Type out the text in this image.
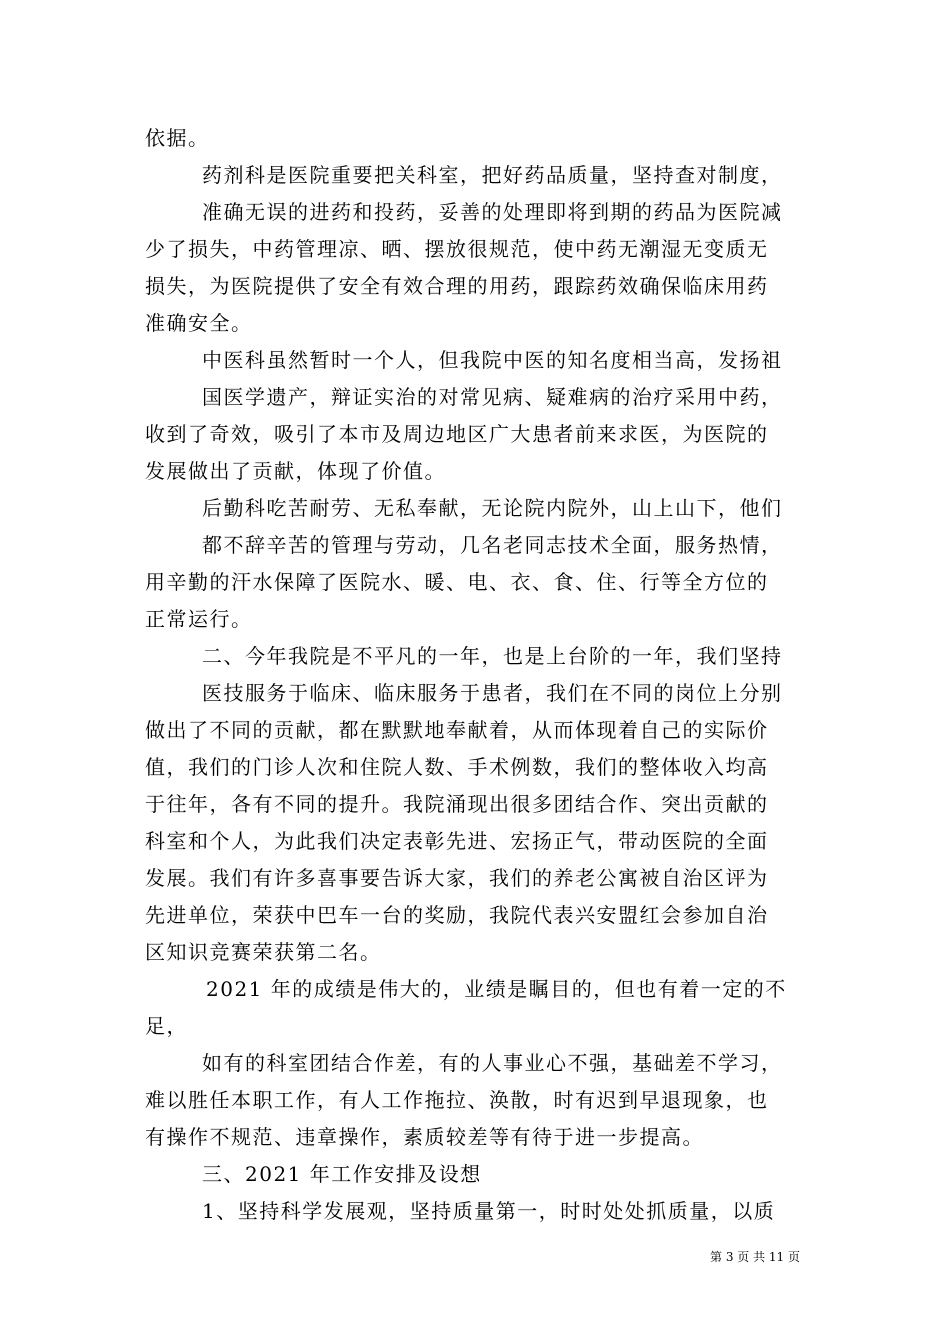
依据。
药剂科是医院重要把关科室，把好药品质量，坚持查对制度，
准确无误的进药和投药，妥善的处理即将到期的药品为医院减
少了损失，中药管理凉、晒、摆放很规范，使中药无潮湿无变质无
损失，为医院提供了安全有效合理的用药，跟踪药效确保临床用药
准确安全。
中医科虽然暂时一个人，但我院中医的知名度相当高，发扬祖
国医学遗产，辩证实治的对常见病、疑难病的治疗采用中药，
收到了奇效，吸引了本市及周边地区广大患者前来求医，为医院的
发展做出了贡献，体现了价值。
后勤科吃苦耐劳、无私奉献，无论院内院外，山上山下，他们
都不辞辛苦的管理与劳动，几名老同志技术全面，服务热情，
用辛勤的汗水保障了医院水、暖、电、衣、食、住、行等全方位的
正常运行。
二、今年我院是不平凡的一年，也是上台阶的一年，我们坚持
医技服务于临床、临床服务于患者，我们在不同的岗位上分别
做出了不同的贡献，都在默默地奉献着，从而体现着自己的实际价
值，我们的门诊人次和住院人数、手术例数，我们的整体收入均高
于往年，各有不同的提升。我院涌现出很多团结合作、突出贡献的
科室和个人，为此我们决定表彰先进、宏扬正气，带动医院的全面
发展。我们有许多喜事要告诉大家，我们的养老公寓被自治区评为
先进单位，荣获中巴车一台的奖励，我院代表兴安盟红会参加自治
区知识竞赛荣获第二名。
2021 年的成绩是伟大的，业绩是瞩目的，但也有着一定的不
足，
如有的科室团结合作差，有的人事业心不强，基础差不学习，
难以胜任本职工作，有人工作拖拉、涣散，时有迟到早退现象，也
有操作不规范、违章操作，素质较差等有待于进一步提高。
三、2021 年工作安排及设想
1、坚持科学发展观，坚持质量第一，时时处处抓质量，以质
第 3 页 共 11 页
